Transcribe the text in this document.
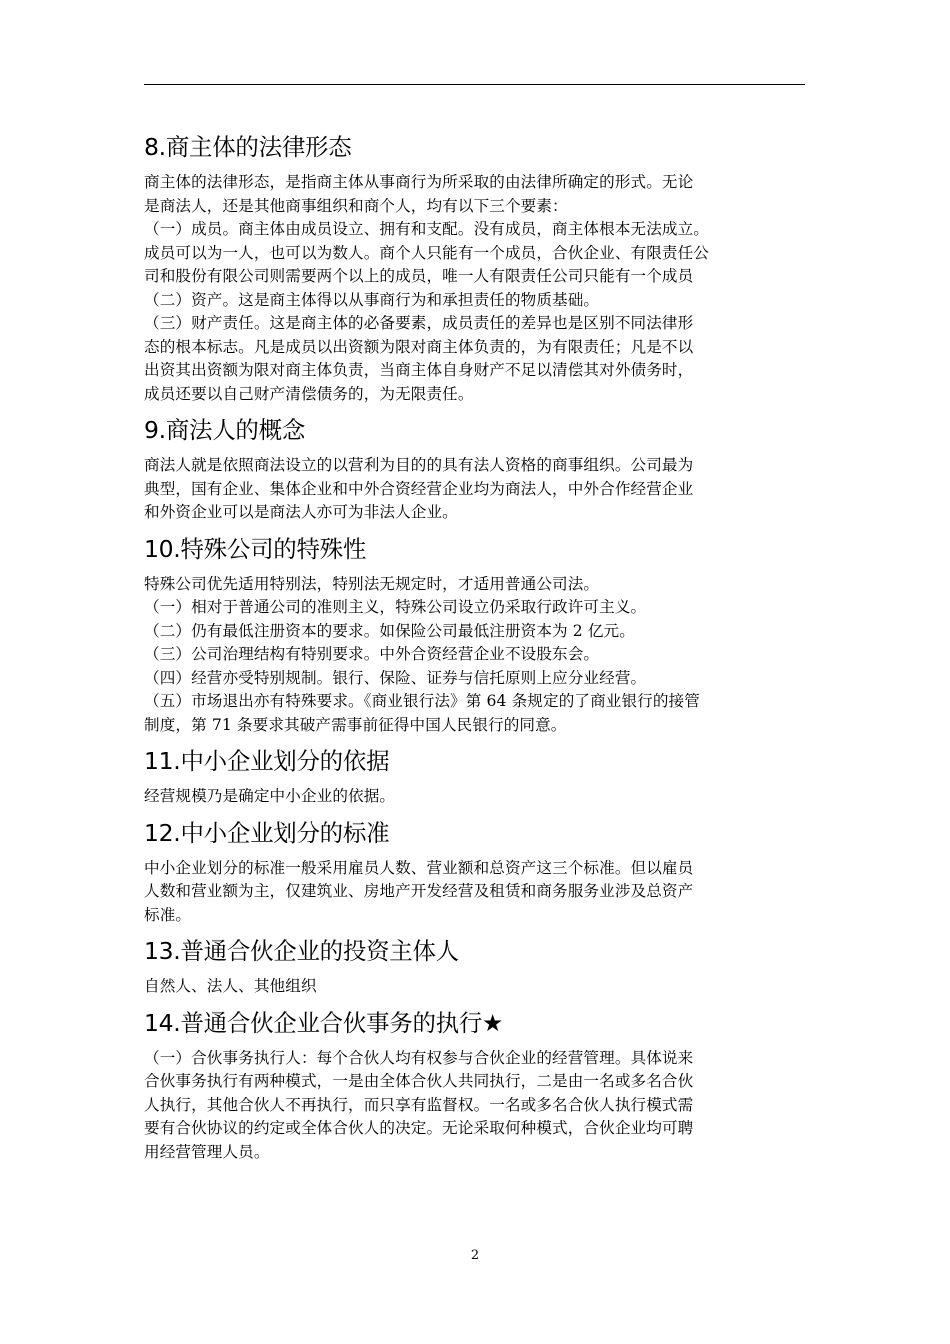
8.商主体的法律形态
商主体的法律形态，是指商主体从事商行为所采取的由法律所确定的形式。无论
是商法人，还是其他商事组织和商个人，均有以下三个要素：
（一）成员。商主体由成员设立、拥有和支配。没有成员，商主体根本无法成立。
成员可以为一人，也可以为数人。商个人只能有一个成员，合伙企业、有限责任公
司和股份有限公司则需要两个以上的成员，唯一人有限责任公司只能有一个成员
（二）资产。这是商主体得以从事商行为和承担责任的物质基础。
（三）财产责任。这是商主体的必备要素，成员责任的差异也是区别不同法律形
态的根本标志。凡是成员以出资额为限对商主体负责的，为有限责任；凡是不以
出资其出资额为限对商主体负责，当商主体自身财产不足以清偿其对外债务时，
成员还要以自己财产清偿债务的，为无限责任。
9.商法人的概念
商法人就是依照商法设立的以营利为目的的具有法人资格的商事组织。公司最为
典型，国有企业、集体企业和中外合资经营企业均为商法人，中外合作经营企业
和外资企业可以是商法人亦可为非法人企业。
10.特殊公司的特殊性
特殊公司优先适用特别法，特别法无规定时，才适用普通公司法。
（一）相对于普通公司的准则主义，特殊公司设立仍采取行政许可主义。
（二）仍有最低注册资本的要求。如保险公司最低注册资本为 2 亿元。
（三）公司治理结构有特别要求。中外合资经营企业不设股东会。
（四）经营亦受特别规制。银行、保险、证券与信托原则上应分业经营。
（五）市场退出亦有特殊要求。《商业银行法》第 64 条规定的了商业银行的接管
制度，第 71 条要求其破产需事前征得中国人民银行的同意。
11.中小企业划分的依据
经营规模乃是确定中小企业的依据。
12.中小企业划分的标准
中小企业划分的标准一般采用雇员人数、营业额和总资产这三个标准。但以雇员
人数和营业额为主，仅建筑业、房地产开发经营及租赁和商务服务业涉及总资产
标准。
13.普通合伙企业的投资主体人
自然人、法人、其他组织
14.普通合伙企业合伙事务的执行★
（一）合伙事务执行人：每个合伙人均有权参与合伙企业的经营管理。具体说来
合伙事务执行有两种模式，一是由全体合伙人共同执行，二是由一名或多名合伙
人执行，其他合伙人不再执行，而只享有监督权。一名或多名合伙人执行模式需
要有合伙协议的约定或全体合伙人的决定。无论采取何种模式，合伙企业均可聘
用经营管理人员。
2
